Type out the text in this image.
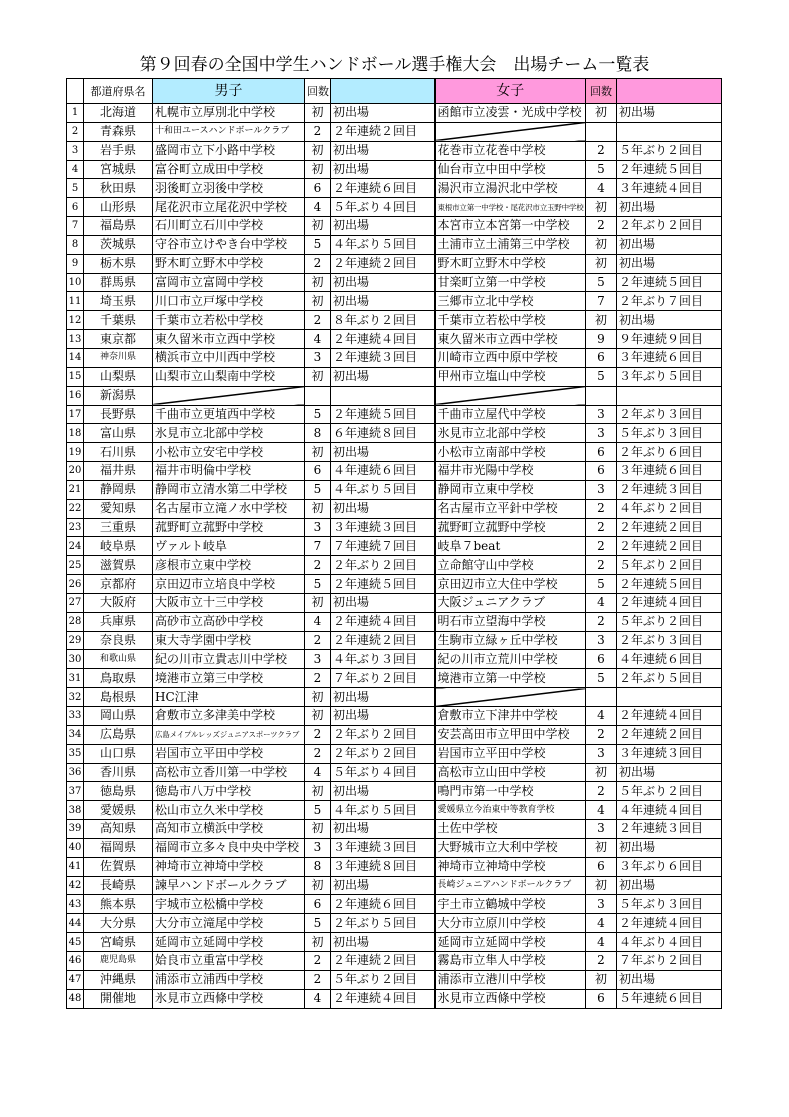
第９回春の全国中学生ハンドボール選手権大会　出場チーム一覧表
	都道府県名	男子	回数		女子	回数	
1	北海道	札幌市立厚別北中学校	初	初出場	函館市立凌雲・光成中学校	初	初出場
2	青森県	十和田ユースハンドボールクラブ	2	２年連続２回目			
3	岩手県	盛岡市立下小路中学校	初	初出場	花巻市立花巻中学校	2	５年ぶり２回目
4	宮城県	富谷町立成田中学校	初	初出場	仙台市立中田中学校	5	２年連続５回目
5	秋田県	羽後町立羽後中学校	6	２年連続６回目	湯沢市立湯沢北中学校	4	３年連続４回目
6	山形県	尾花沢市立尾花沢中学校	4	５年ぶり４回目	東根市立第一中学校・尾花沢市立玉野中学校	初	初出場
7	福島県	石川町立石川中学校	初	初出場	本宮市立本宮第一中学校	2	２年ぶり２回目
8	茨城県	守谷市立けやき台中学校	5	４年ぶり５回目	土浦市立土浦第三中学校	初	初出場
9	栃木県	野木町立野木中学校	2	２年連続２回目	野木町立野木中学校	初	初出場
10	群馬県	富岡市立富岡中学校	初	初出場	甘楽町立第一中学校	5	２年連続５回目
11	埼玉県	川口市立戸塚中学校	初	初出場	三郷市立北中学校	7	２年ぶり７回目
12	千葉県	千葉市立若松中学校	2	８年ぶり２回目	千葉市立若松中学校	初	初出場
13	東京都	東久留米市立西中学校	4	２年連続４回目	東久留米市立西中学校	9	９年連続９回目
14	神奈川県	横浜市立中川西中学校	3	２年連続３回目	川崎市立西中原中学校	6	３年連続６回目
15	山梨県	山梨市立山梨南中学校	初	初出場	甲州市立塩山中学校	5	３年ぶり５回目
16	新潟県						
17	長野県	千曲市立更埴西中学校	5	２年連続５回目	千曲市立屋代中学校	3	２年ぶり３回目
18	富山県	氷見市立北部中学校	8	６年連続８回目	氷見市立北部中学校	3	５年ぶり３回目
19	石川県	小松市立安宅中学校	初	初出場	小松市立南部中学校	6	２年ぶり６回目
20	福井県	福井市明倫中学校	6	４年連続６回目	福井市光陽中学校	6	３年連続６回目
21	静岡県	静岡市立清水第二中学校	5	４年ぶり５回目	静岡市立東中学校	3	２年連続３回目
22	愛知県	名古屋市立滝ノ水中学校	初	初出場	名古屋市立平針中学校	2	４年ぶり２回目
23	三重県	菰野町立菰野中学校	3	３年連続３回目	菰野町立菰野中学校	2	２年連続２回目
24	岐阜県	ヴァルト岐阜	7	７年連続７回目	岐阜７beat	2	２年連続２回目
25	滋賀県	彦根市立東中学校	2	２年ぶり２回目	立命館守山中学校	2	５年ぶり２回目
26	京都府	京田辺市立培良中学校	5	２年連続５回目	京田辺市立大住中学校	5	２年連続５回目
27	大阪府	大阪市立十三中学校	初	初出場	大阪ジュニアクラブ	4	２年連続４回目
28	兵庫県	高砂市立高砂中学校	4	２年連続４回目	明石市立望海中学校	2	５年ぶり２回目
29	奈良県	東大寺学園中学校	2	２年連続２回目	生駒市立緑ヶ丘中学校	3	２年ぶり３回目
30	和歌山県	紀の川市立貴志川中学校	3	４年ぶり３回目	紀の川市立荒川中学校	6	４年連続６回目
31	鳥取県	境港市立第三中学校	2	７年ぶり２回目	境港市立第一中学校	5	２年ぶり５回目
32	島根県	HC江津	初	初出場			
33	岡山県	倉敷市立多津美中学校	初	初出場	倉敷市立下津井中学校	4	２年連続４回目
34	広島県	広島メイプルレッズジュニアスポーツクラブ	2	２年ぶり２回目	安芸高田市立甲田中学校	2	２年連続２回目
35	山口県	岩国市立平田中学校	2	２年ぶり２回目	岩国市立平田中学校	3	３年連続３回目
36	香川県	高松市立香川第一中学校	4	５年ぶり４回目	高松市立山田中学校	初	初出場
37	徳島県	徳島市八万中学校	初	初出場	鳴門市第一中学校	2	５年ぶり２回目
38	愛媛県	松山市立久米中学校	5	４年ぶり５回目	愛媛県立今治東中等教育学校	4	４年連続４回目
39	高知県	高知市立横浜中学校	初	初出場	土佐中学校	3	２年連続３回目
40	福岡県	福岡市立多々良中央中学校	3	３年連続３回目	大野城市立大利中学校	初	初出場
41	佐賀県	神埼市立神埼中学校	8	３年連続８回目	神埼市立神埼中学校	6	３年ぶり６回目
42	長崎県	諫早ハンドボールクラブ	初	初出場	長崎ジュニアハンドボールクラブ	初	初出場
43	熊本県	宇城市立松橋中学校	6	２年連続６回目	宇土市立鶴城中学校	3	５年ぶり３回目
44	大分県	大分市立滝尾中学校	5	２年ぶり５回目	大分市立原川中学校	4	２年連続４回目
45	宮崎県	延岡市立延岡中学校	初	初出場	延岡市立延岡中学校	4	４年ぶり４回目
46	鹿児島県	姶良市立重富中学校	2	２年連続２回目	霧島市立隼人中学校	2	７年ぶり２回目
47	沖縄県	浦添市立浦西中学校	2	５年ぶり２回目	浦添市立港川中学校	初	初出場
48	開催地	氷見市立西條中学校	4	２年連続４回目	氷見市立西條中学校	6	５年連続６回目
